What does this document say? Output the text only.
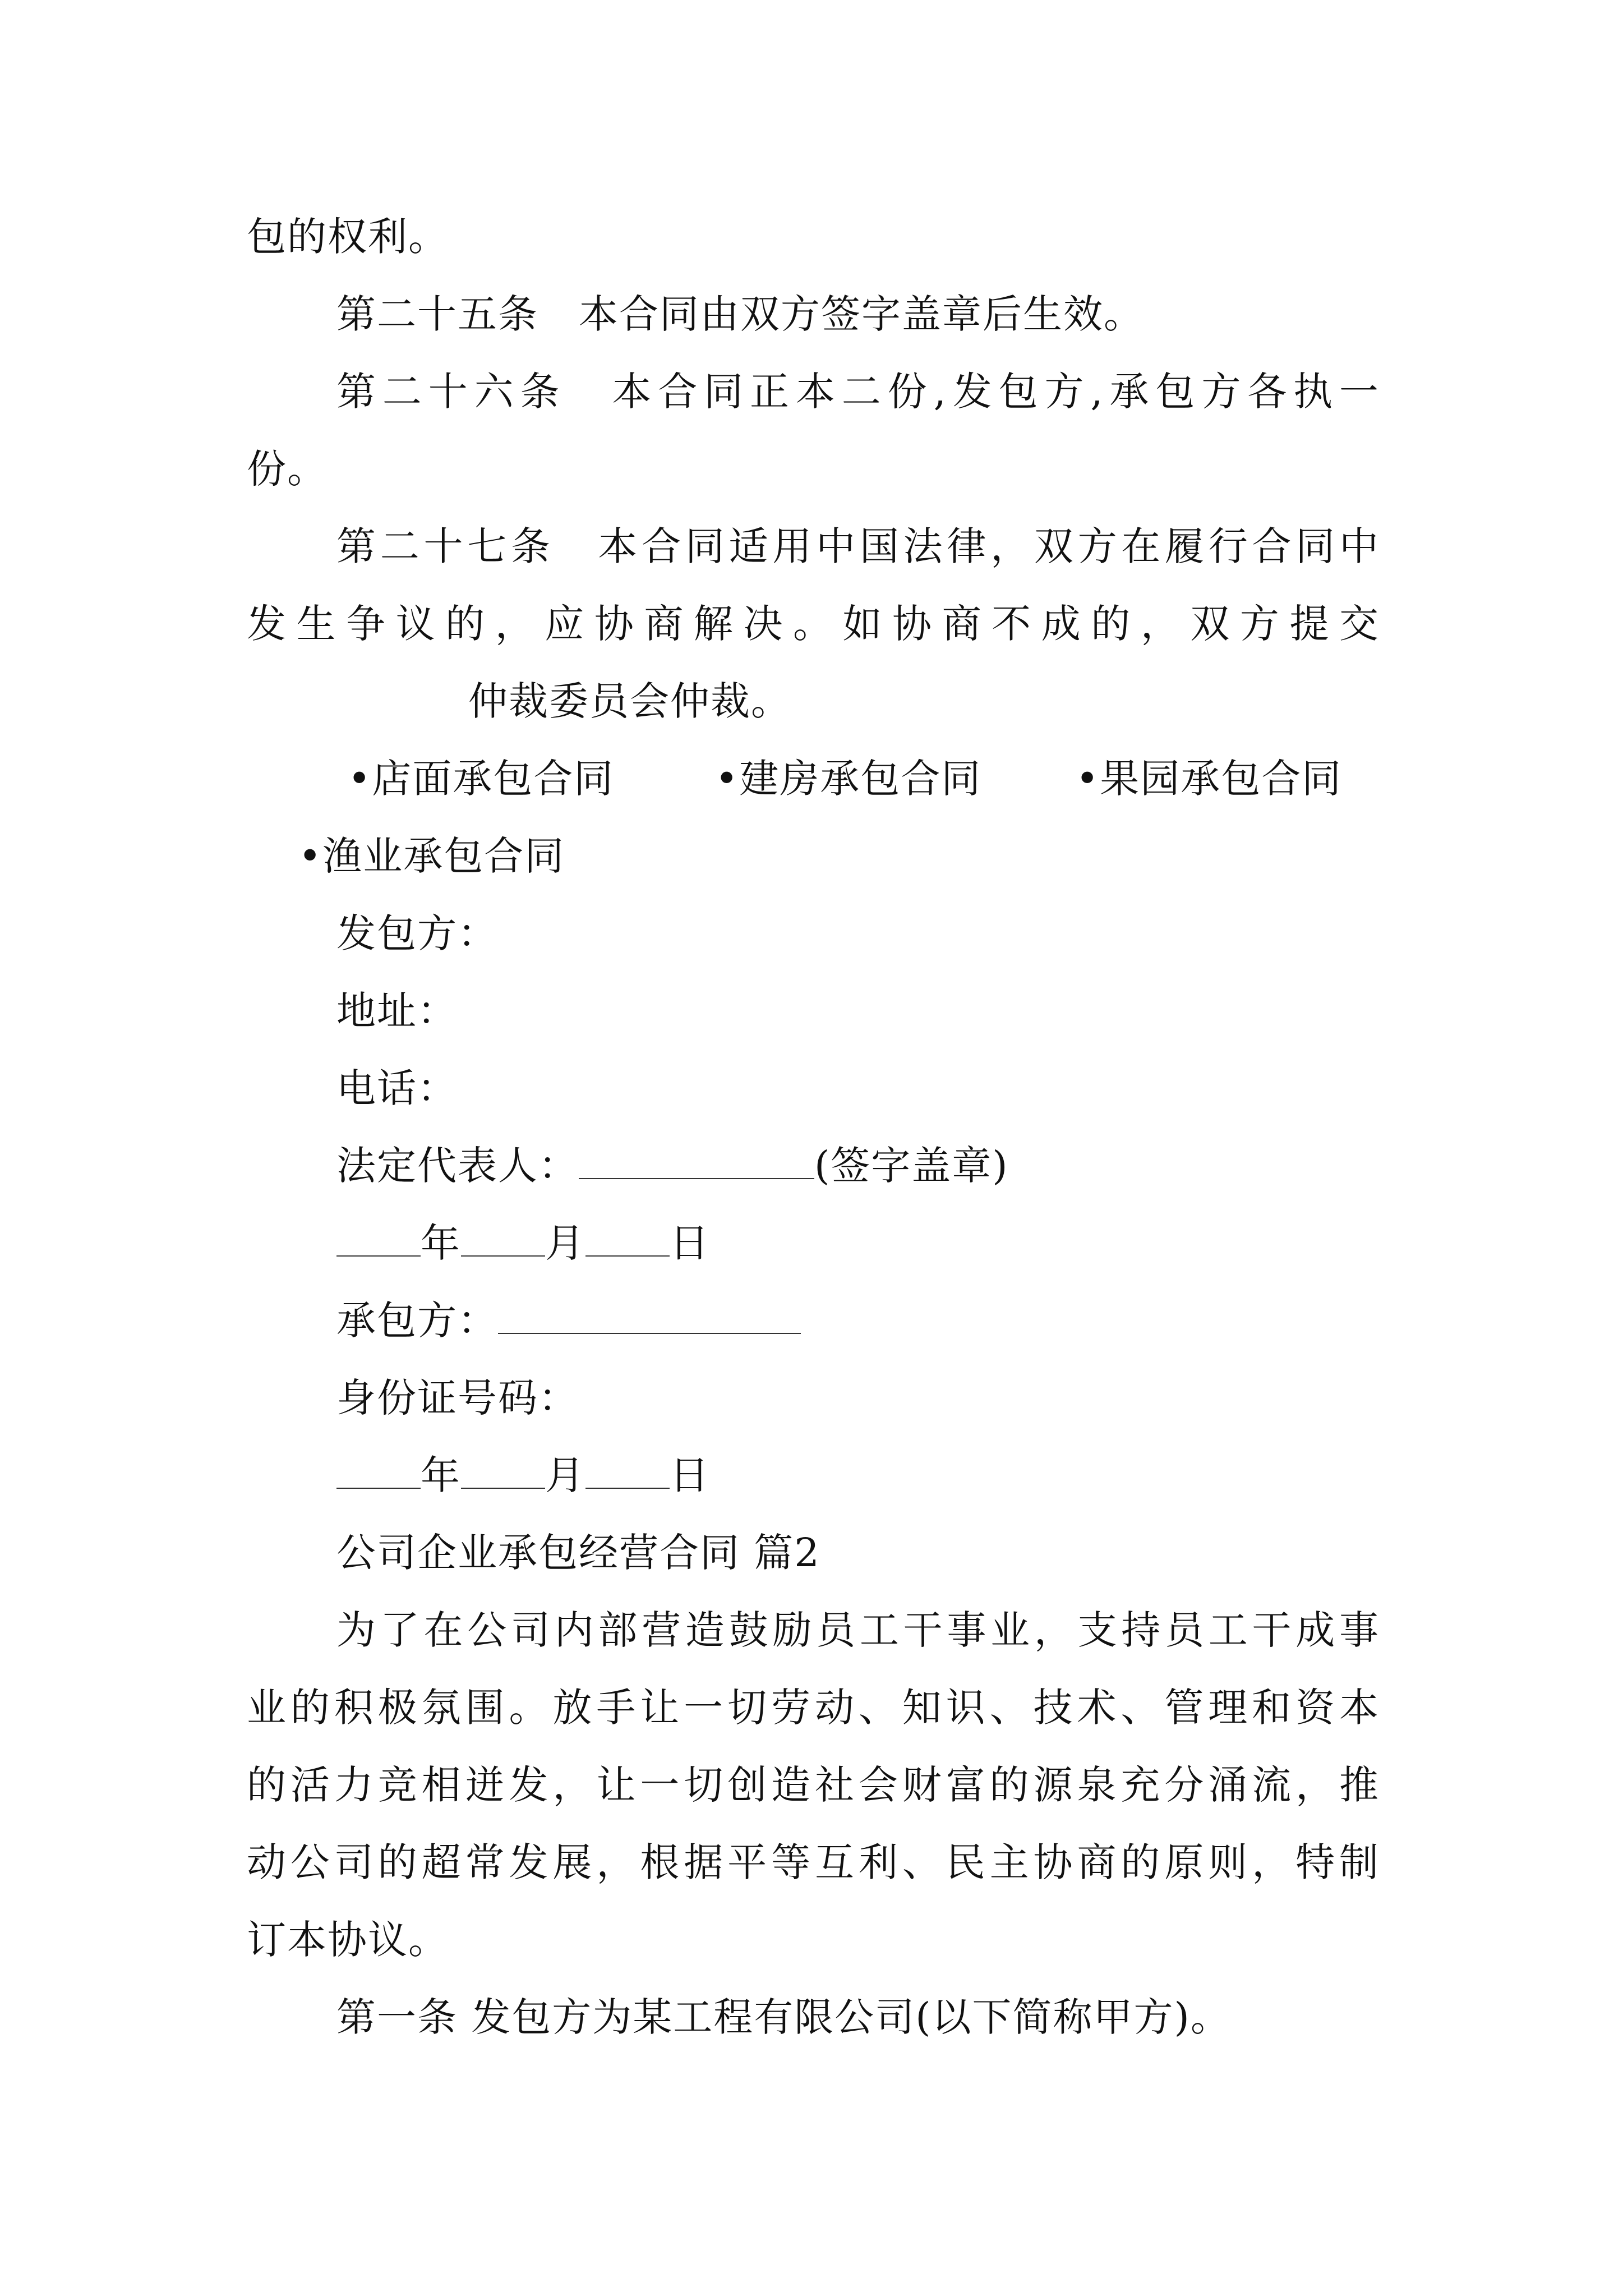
包的权利。
第二十五条　本合同由双方签字盖章后生效。
第二十六条　本合同正本二份,发包方,承包方各执一
份。
第二十七条　本合同适用中国法律，双方在履行合同中
发生争议的，应协商解决。如协商不成的，双方提交
仲裁委员会仲裁。
•店面承包合同	•建房承包合同 •果园承包合同
•渔业承包合同
发包方：
地址：
电话：
法定代表人：	(签字盖章)
年 月 日
承包方：
身份证号码：
年 月 日
公司企业承包经营合同 篇2
为了在公司内部营造鼓励员工干事业，支持员工干成事
业的积极氛围。放手让一切劳动、知识、技术、管理和资本
的活力竞相迸发，让一切创造社会财富的源泉充分涌流，推
动公司的超常发展，根据平等互利、民主协商的原则，特制
订本协议。
第一条 发包方为某工程有限公司(以下简称甲方)。
